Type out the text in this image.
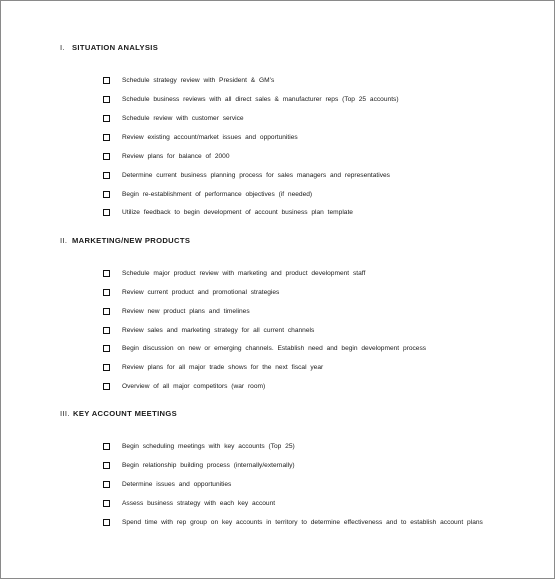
I. SITUATION ANALYSIS
Schedule strategy review with President & GM’s
Schedule business reviews with all direct sales & manufacturer reps (Top 25 accounts)
Schedule review with customer service
Review existing account/market issues and opportunities
Review plans for balance of 2000
Determine current business planning process for sales managers and representatives
Begin re-establishment of performance objectives (if needed)
Utilize feedback to begin development of account business plan template
II. MARKETING/NEW PRODUCTS
Schedule major product review with marketing and product development staff
Review current product and promotional strategies
Review new product plans and timelines
Review sales and marketing strategy for all current channels
Begin discussion on new or emerging channels. Establish need and begin development process
Review plans for all major trade shows for the next fiscal year
Overview of all major competitors (war room)
III. KEY ACCOUNT MEETINGS
Begin scheduling meetings with key accounts (Top 25)
Begin relationship building process (internally/externally)
Determine issues and opportunities
Assess business strategy with each key account
Spend time with rep group on key accounts in territory to determine effectiveness and to establish account plans
